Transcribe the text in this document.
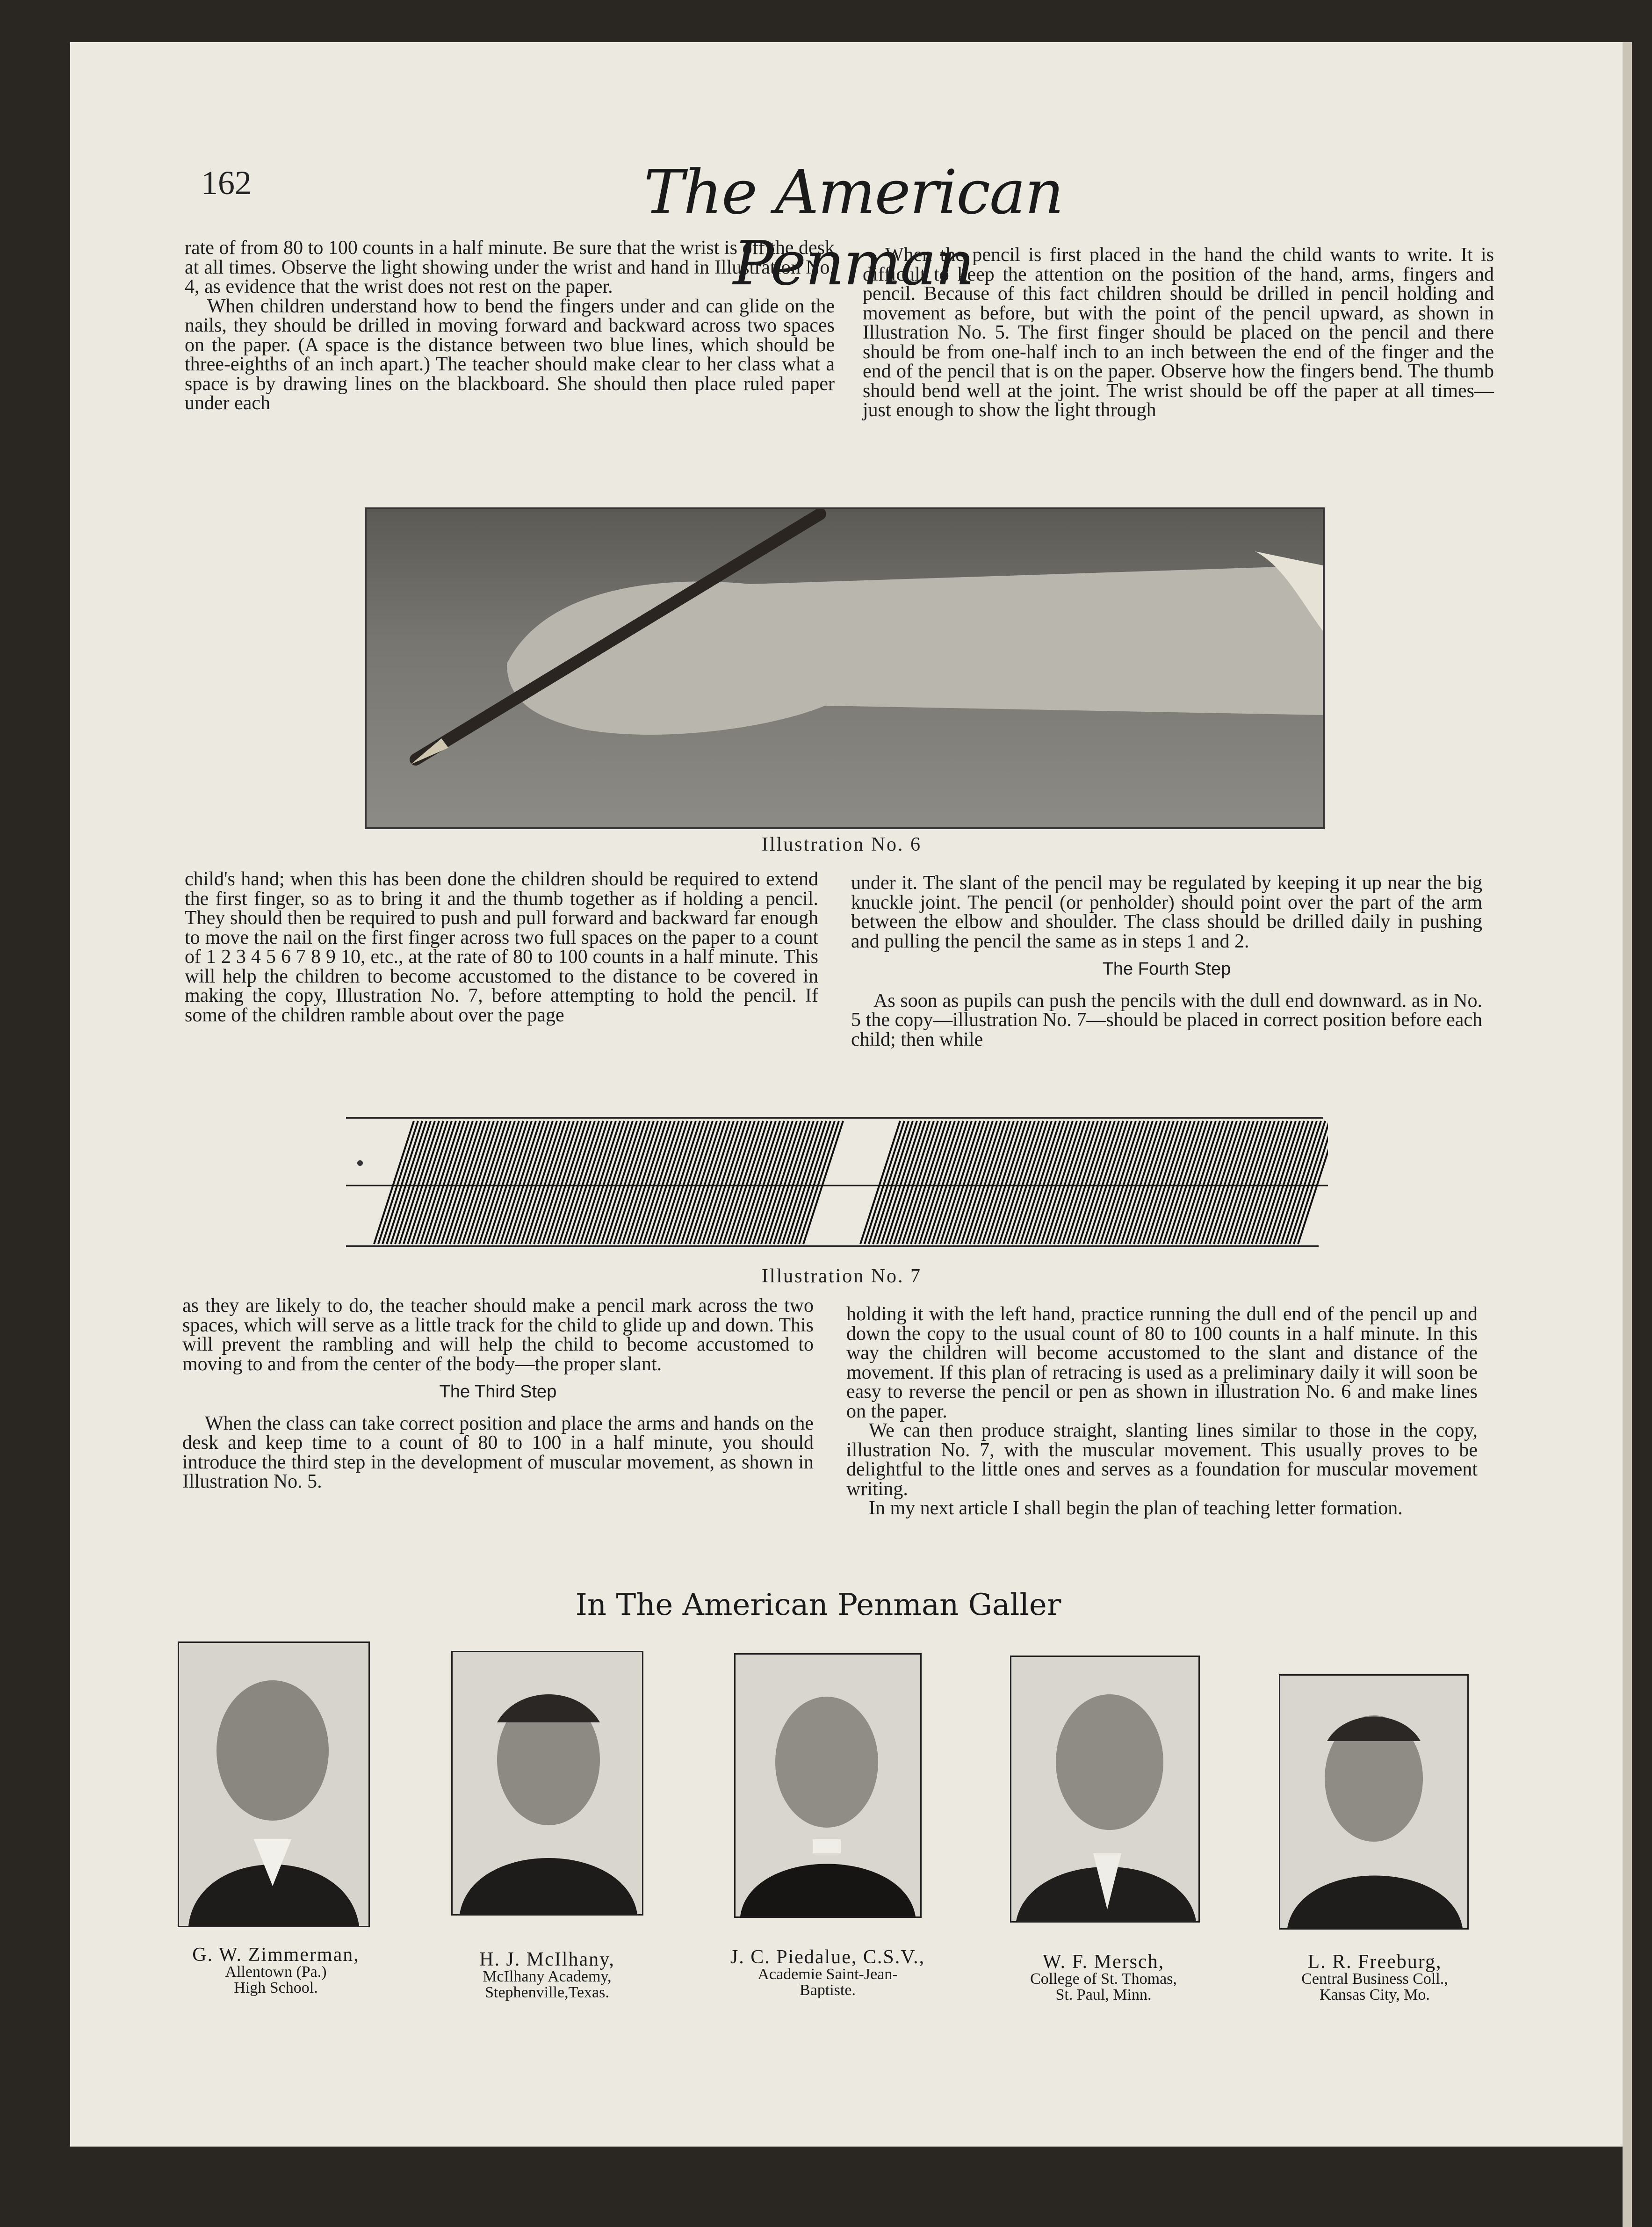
162	The American Penman

rate of from 80 to 100 counts in a half minute. Be sure that the wrist is off the desk at all times. Observe the light showing under the wrist and hand in Illustration No. 4, as evidence that the wrist does not rest on the paper.

When children understand how to bend the fingers under and can glide on the nails, they should be drilled in moving forward and backward across two spaces on the paper. (A space is the distance between two blue lines, which should be three-eighths of an inch apart.) The teacher should make clear to her class what a space is by drawing lines on the blackboard. She should then place ruled paper under each

When the pencil is first placed in the hand the child wants to write. It is difficult to keep the attention on the position of the hand, arms, fingers and pencil. Because of this fact children should be drilled in pencil holding and movement as before, but with the point of the pencil upward, as shown in Illustration No. 5. The first finger should be placed on the pencil and there should be from one-half inch to an inch between the end of the finger and the end of the pencil that is on the paper. Observe how the fingers bend. The thumb should bend well at the joint. The wrist should be off the paper at all times—just enough to show the light through

Illustration No. 6

child's hand; when this has been done the children should be required to extend the first finger, so as to bring it and the thumb together as if holding a pencil. They should then be required to push and pull forward and backward far enough to move the nail on the first finger across two full spaces on the paper to a count of 1 2 3 4 5 6 7 8 9 10, etc., at the rate of 80 to 100 counts in a half minute. This will help the children to become accustomed to the distance to be covered in making the copy, Illustration No. 7, before attempting to hold the pencil. If some of the children ramble about over the page

under it. The slant of the pencil may be regulated by keeping it up near the big knuckle joint. The pencil (or penholder) should point over the part of the arm between the elbow and shoulder. The class should be drilled daily in pushing and pulling the pencil the same as in steps 1 and 2.

The Fourth Step

As soon as pupils can push the pencils with the dull end downward. as in No. 5 the copy—illustration No. 7—should be placed in correct position before each child; then while

Illustration No. 7

as they are likely to do, the teacher should make a pencil mark across the two spaces, which will serve as a little track for the child to glide up and down. This will prevent the rambling and will help the child to become accustomed to moving to and from the center of the body—the proper slant.

The Third Step

When the class can take correct position and place the arms and hands on the desk and keep time to a count of 80 to 100 in a half minute, you should introduce the third step in the development of muscular movement, as shown in Illustration No. 5.

holding it with the left hand, practice running the dull end of the pencil up and down the copy to the usual count of 80 to 100 counts in a half minute. In this way the children will become accustomed to the slant and distance of the movement. If this plan of retracing is used as a preliminary daily it will soon be easy to reverse the pencil or pen as shown in illustration No. 6 and make lines on the paper.

We can then produce straight, slanting lines similar to those in the copy, illustration No. 7, with the muscular movement. This usually proves to be delightful to the little ones and serves as a foundation for muscular movement writing.

In my next article I shall begin the plan of teaching letter formation.

In The American Penman Galler
G. W. Zimmerman,
Allentown (Pa.)
High School.
H. J. McIlhany,
McIlhany Academy,
Stephenville,Texas.
J. C. Piedalue, C.S.V.,
Academie Saint-Jean-
Baptiste.
W. F. Mersch,
College of St. Thomas,
St. Paul, Minn.
L. R. Freeburg,
Central Business Coll.,
Kansas City, Mo.
